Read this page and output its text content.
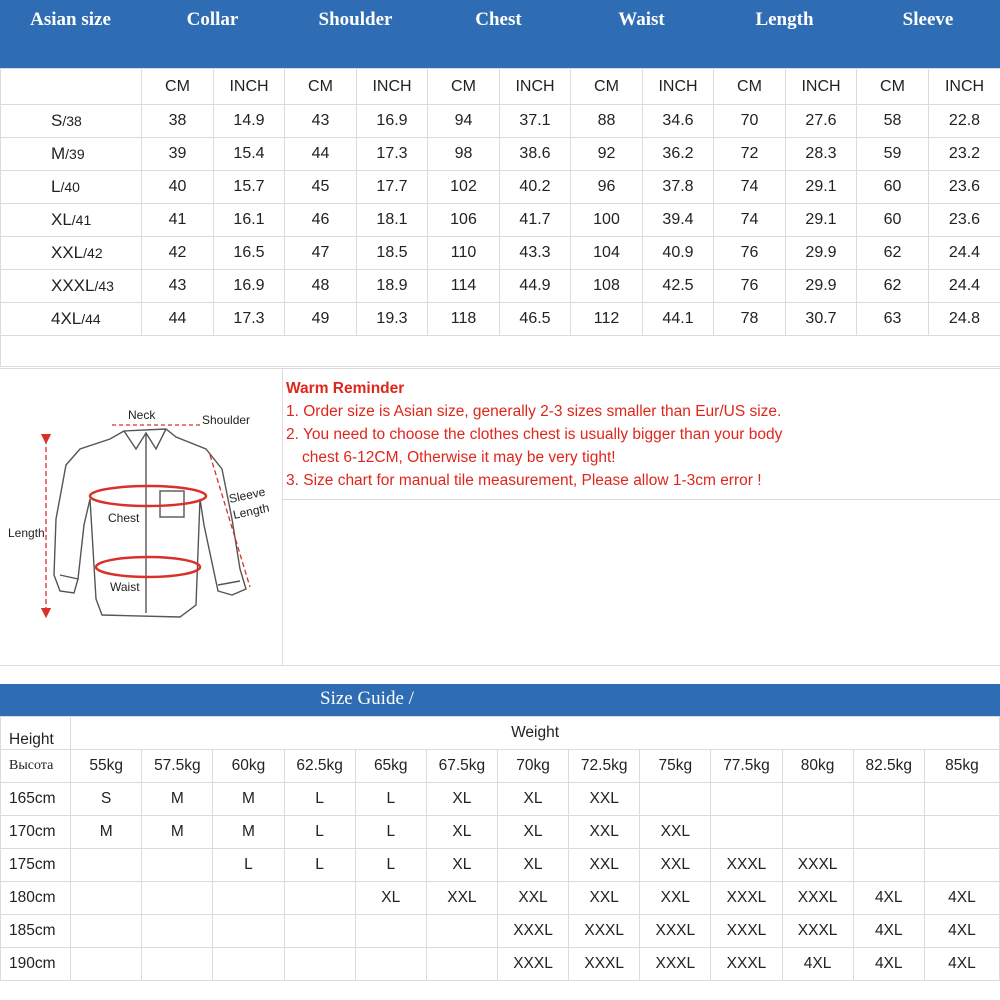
Asian size	Collar	Shoulder	Chest	Waist	Length	Sleeve
	CM	INCH	CM	INCH	CM	INCH	CM	INCH	CM	INCH	CM	INCH
S/38	38	14.9	43	16.9	94	37.1	88	34.6	70	27.6	58	22.8
M/39	39	15.4	44	17.3	98	38.6	92	36.2	72	28.3	59	23.2
L/40	40	15.7	45	17.7	102	40.2	96	37.8	74	29.1	60	23.6
XL/41	41	16.1	46	18.1	106	41.7	100	39.4	74	29.1	60	23.6
XXL/42	42	16.5	47	18.5	110	43.3	104	40.9	76	29.9	62	24.4
XXXL/43	43	16.9	48	18.9	114	44.9	108	42.5	76	29.9	62	24.4
4XL/44	44	17.3	49	19.3	118	46.5	112	44.1	78	30.7	63	24.8

Neck	Shoulder
Chest
Waist
Length
Sleeve
Length
Warm Reminder
1. Order size is Asian size, generally 2-3 sizes smaller than Eur/US size.
2. You need to choose the clothes chest is usually bigger than your body
chest 6-12CM, Otherwise it may be very tight!
3. Size chart for manual tile measurement, Please allow 1-3cm error !
Size Guide /
Height	Weight												
Высота	55kg	57.5kg	60kg	62.5kg	65kg	67.5kg	70kg	72.5kg	75kg	77.5kg	80kg	82.5kg	85kg
165cm	S	M	M	L	L	XL	XL	XXL					
170cm	M	M	M	L	L	XL	XL	XXL	XXL				
175cm			L	L	L	XL	XL	XXL	XXL	XXXL	XXXL		
180cm					XL	XXL	XXL	XXL	XXL	XXXL	XXXL	4XL	4XL
185cm							XXXL	XXXL	XXXL	XXXL	XXXL	4XL	4XL
190cm							XXXL	XXXL	XXXL	XXXL	4XL	4XL	4XL
